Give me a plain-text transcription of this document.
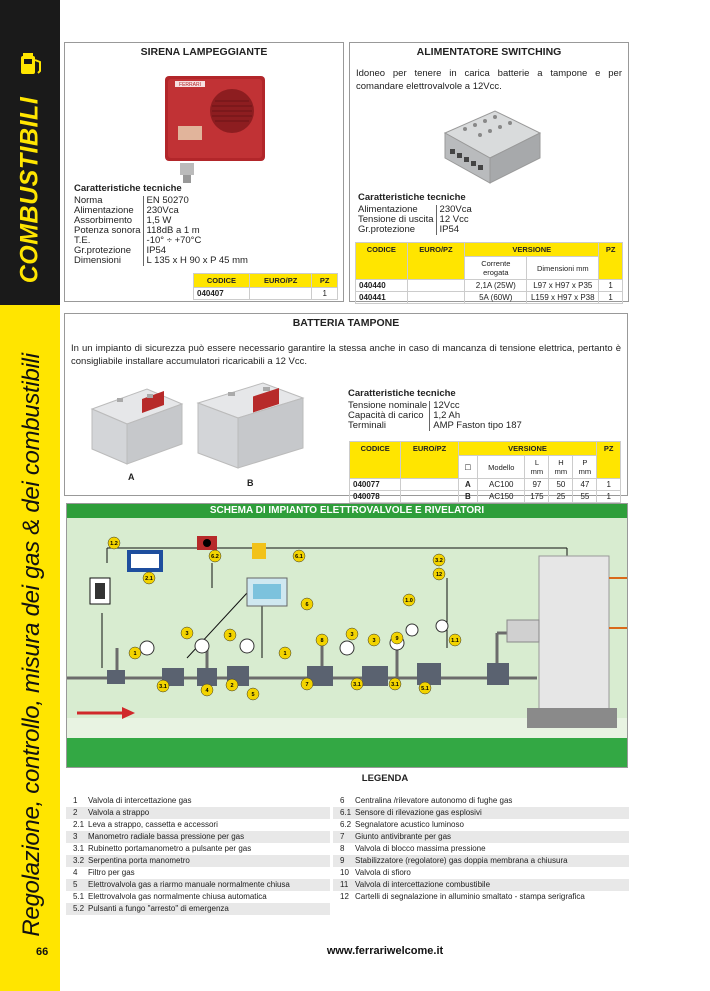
COMBUSTIBILI
Regolazione, controllo, misura dei gas & dei combustibili
66
SIRENA LAMPEGGIANTE
FERRARI
Caratteristiche tecniche
Norma	EN 50270
Alimentazione	230Vca
Assorbimento	1,5 W
Potenza sonora	118dB a 1 m
T.E.	-10° ÷ +70°C
Gr.protezione	IP54
Dimensioni	L 135 x H 90 x P 45 mm
CODICE	EURO/PZ	PZ
040407		1
ALIMENTATORE SWITCHING
Idoneo per tenere in carica batterie a tampone e per comandare elettrovalvole a 12Vcc.
Caratteristiche tecniche
Alimentazione	230Vca
Tensione di uscita	12 Vcc
Gr.protezione	IP54
CODICE	EURO/PZ	VERSIONE		PZ
		Corrente erogata	Dimensioni mm	
040440		2,1A (25W)	L97 x H97 x P35	1
040441		5A (60W)	L159 x H97 x P38	1
BATTERIA TAMPONE
In un impianto di sicurezza può essere necessario garantire la stessa anche in caso di mancanza di tensione elettrica, pertanto è consigliabile installare accumulatori ricaricabili a 12 Vcc.
A
B
Caratteristiche tecniche
Tensione nominale	12Vcc
Capacità di carico	1,2 Ah
Terminali	AMP Faston tipo 187
CODICE	EURO/PZ	VERSIONE					PZ
		☐	Modello	L mm	H mm	P mm	
040077		A	AC100	97	50	47	1
040078		B	AC150	175	25	55	1
SCHEMA DI IMPIANTO ELETTROVALVOLE E RIVELATORI
1.2
6.2	6.1
2.1
6
12
1.0
3	3	3
8	3	9
1	1
5.1
3.1	2
5
7
3.2
3.1
4
1.1
3.1
LEGENDA
1	Valvola di intercettazione gas
2	Valvola a strappo
2.1 Leva a strappo, cassetta e accessori
3	Manometro radiale bassa pressione per gas
3.1 Rubinetto portamanometro a pulsante per gas
3.2 Serpentina porta manometro
4	Filtro per gas
5	Elettrovalvola gas a riarmo manuale normalmente chiusa
5.1 Elettrovalvola gas normalmente chiusa automatica
5.2 Pulsanti a fungo "arresto" di emergenza
6	Centralina /rilevatore autonomo di fughe gas
6.1 Sensore di rilevazione gas esplosivi
6.2 Segnalatore acustico luminoso
7	Giunto antivibrante per gas
8	Valvola di blocco massima pressione
9	Stabilizzatore (regolatore) gas doppia membrana a chiusura
10 Valvola di sfioro
11 Valvola di intercettazione combustibile
12 Cartelli di segnalazione in alluminio smaltato - stampa serigrafica
www.ferrariwelcome.it
